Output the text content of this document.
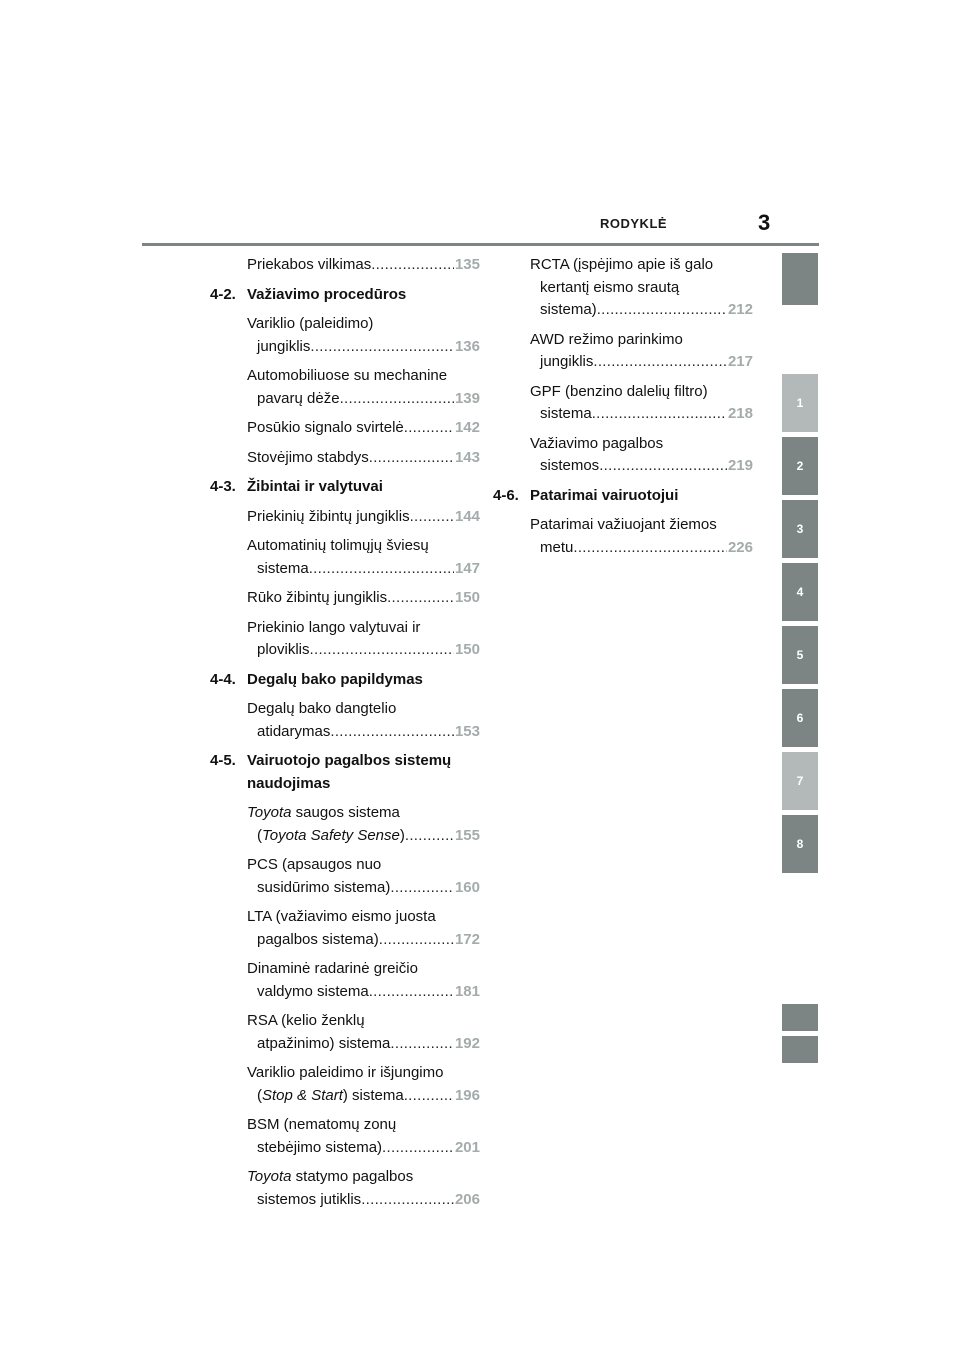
RODYKLĖ	3
Priekabos vilkimas .....	135
4-2. Važiavimo procedūros
Variklio (paleidimo)
jungiklis .....	136
Automobiliuose su mechanine
pavarų dėže .....	139
Posūkio signalo svirtelė .....	142
Stovėjimo stabdys .....	143
4-3. Žibintai ir valytuvai
Priekinių žibintų jungiklis .....	144
Automatinių tolimųjų šviesų
sistema .....	147
Rūko žibintų jungiklis .....	150
Priekinio lango valytuvai ir
ploviklis .....	150
4-4. Degalų bako papildymas
Degalų bako dangtelio
atidarymas .....	153
4-5. Vairuotojo pagalbos sistemų
naudojimas
Toyota saugos sistema
(Toyota Safety Sense) .....	155
PCS (apsaugos nuo
susidūrimo sistema) .....	160
LTA (važiavimo eismo juosta
pagalbos sistema) .....	172
Dinaminė radarinė greičio
valdymo sistema .....	181
RSA (kelio ženklų
atpažinimo) sistema .....	192
Variklio paleidimo ir išjungimo
(Stop & Start) sistema .....	196
BSM (nematomų zonų
stebėjimo sistema) .....	201
Toyota statymo pagalbos
sistemos jutiklis .....	206
RCTA (įspėjimo apie iš galo
kertantį eismo srautą
sistema) .....	212
AWD režimo parinkimo
jungiklis .....	217
GPF (benzino dalelių filtro)
sistema .....	218
Važiavimo pagalbos
sistemos .....	219
4-6. Patarimai vairuotojui
Patarimai važiuojant žiemos
metu .....	226
1
2
3
4
5
6
7
8
